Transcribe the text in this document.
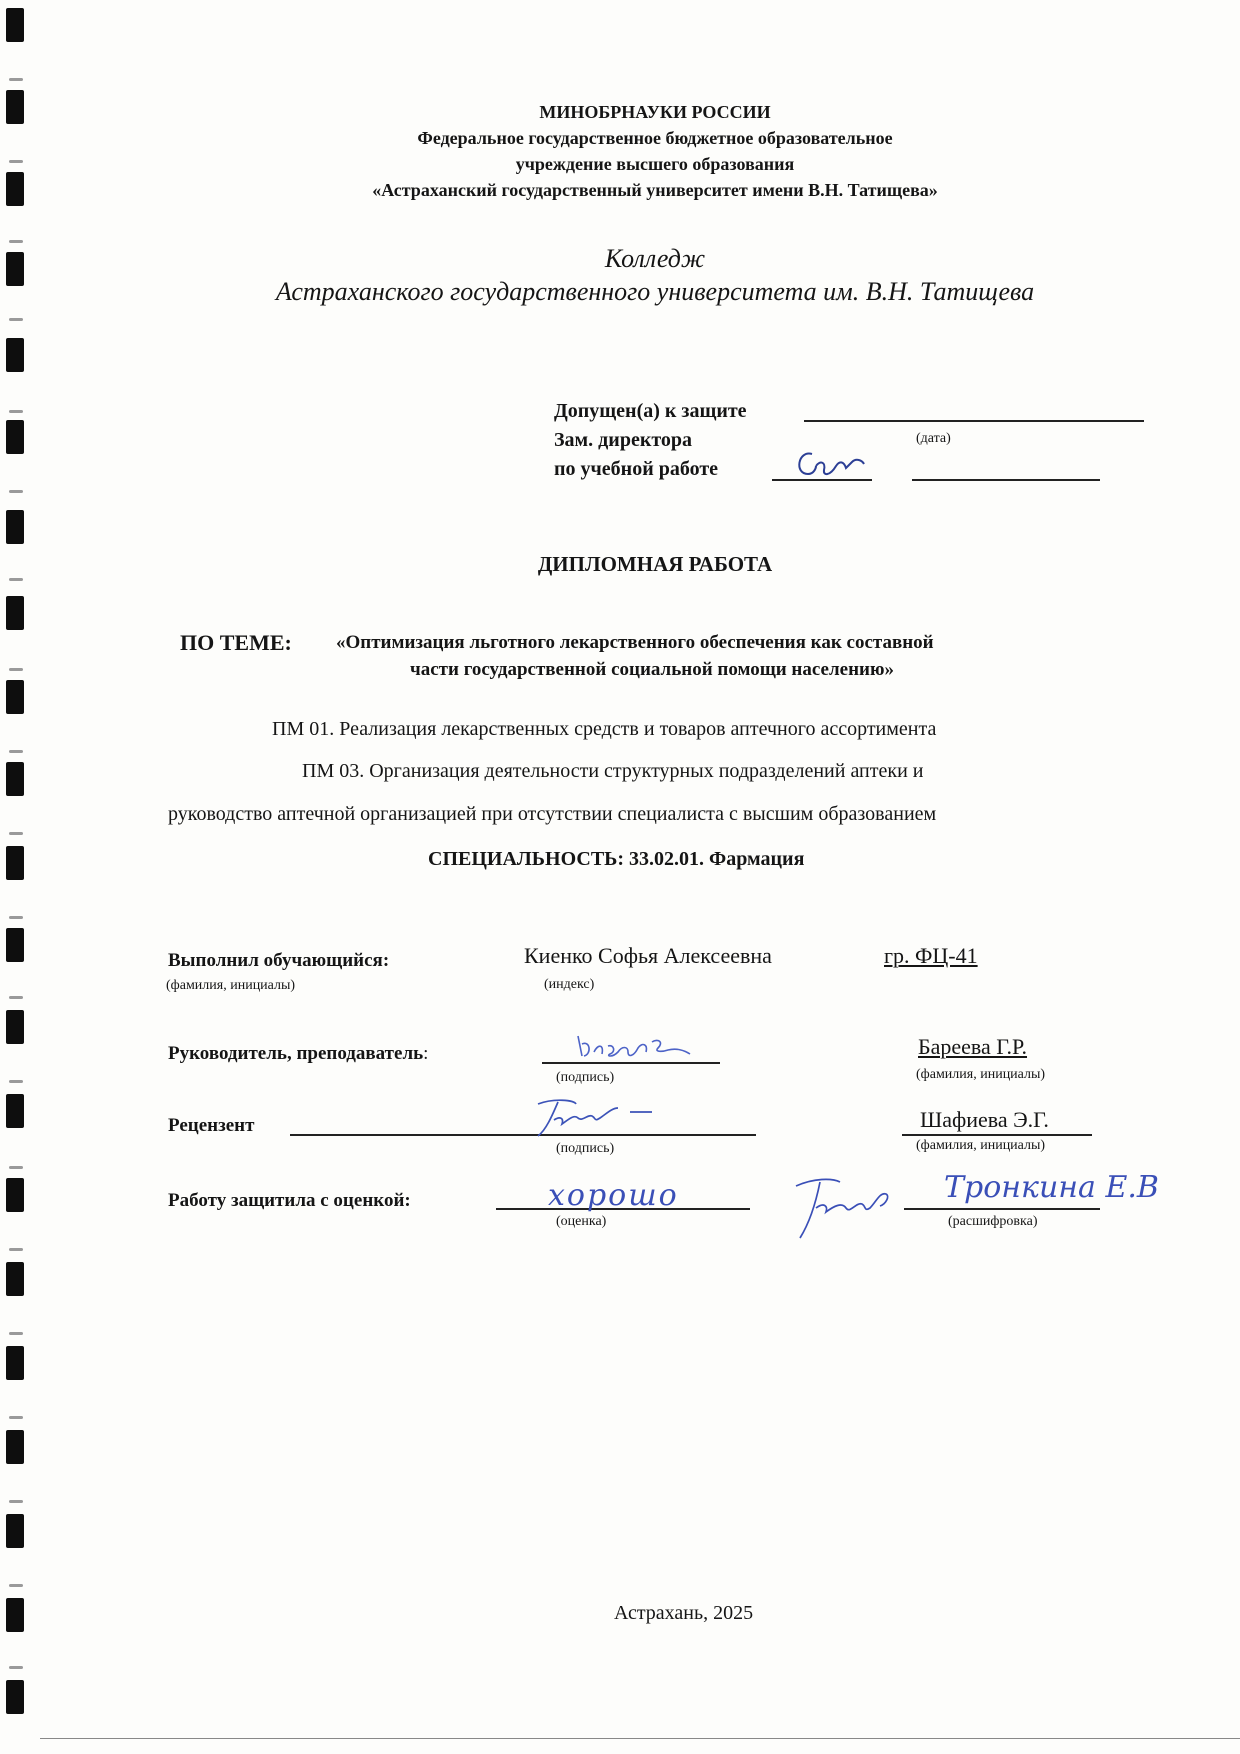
МИНОБРНАУКИ РОССИИ
Федеральное государственное бюджетное образовательное
учреждение высшего образования
«Астраханский государственный университет имени В.Н. Татищева»
Колледж
Астраханского государственного университета им. В.Н. Татищева
Допущен(а) к защите
Зам. директора	(дата)
по учебной работе
ДИПЛОМНАЯ РАБОТА
ПО ТЕМЕ: «Оптимизация льготного лекарственного обеспечения как составной
части государственной социальной помощи населению»
ПМ 01. Реализация лекарственных средств и товаров аптечного ассортимента
ПМ 03. Организация деятельности структурных подразделений аптеки и
руководство аптечной организацией при отсутствии специалиста с высшим образованием
СПЕЦИАЛЬНОСТЬ: 33.02.01. Фармация
Выполнил обучающийся:
(фамилия, инициалы)
Киенко Софья Алексеевна	гр. ФЦ-41
(индекс)
Руководитель, преподаватель:
(подпись)
Бареева Г.Р.
(фамилия, инициалы)
Рецензент
(подпись)
Шафиева Э.Г.
(фамилия, инициалы)
Работу защитила с оценкой:	хорошо
(оценка)
Тронкина Е.В
(расшифровка)
Астрахань, 2025
